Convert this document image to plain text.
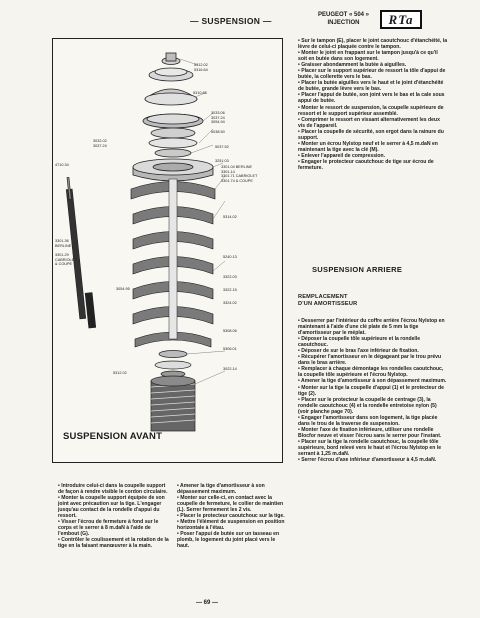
— SUSPENSION —
PEUGEOT « 504 »
INJECTION	RTa
5312.02
5316.64
5310.88
3033.06
3037.24
3054.94
5038.50
3032.02
3037.24	5037.52
3251.03
3301.04 BERLINE
3301.14
3301.71 CABRIOLET
3301.74 & COUPE
4710.34
3301.36
BERLINE
3301.29
CABRIOLET
& COUPE
3054.95
5314.02
5240.13
3322.03
3322.15
3324.02
5308.06
5306.01
5312.02
3022.14
SUSPENSION AVANT

• Sur le tampon (E), placer le joint caoutchouc d'étanchéité, la lèvre de celui-ci plaquée contre le tampon.

• Monter le joint en frappant sur le tampon jusqu'à ce qu'il soit en butée dans son logement.

• Graisser abondamment la butée à aiguilles.

• Placer sur le support supérieur de ressort la tôle d'appui de butée, la collerette vers le bas.

• Placer la butée aiguilles vers le haut et le joint d'étanchéité de butée, grande lèvre vers le bas.

• Placer l'appui de butée, son joint vers le bas et la cale sous appui de butée.

• Monter le ressort de suspension, la coupelle supérieure de ressort et le support supérieur assemblé.

• Comprimer le ressort en vissant alternativement les deux vis de l'appareil.

• Placer la coupelle de sécurité, son ergot dans la rainure du support.

• Monter un écrou Nylstop neuf et le serrer à 4,5 m.daN en maintenant la tige avec la clé (M).

• Enlever l'appareil de compression.

• Engager le protecteur caoutchouc de tige sur écrou de fermeture.

SUSPENSION ARRIERE
REMPLACEMENT
D'UN AMORTISSEUR

• Desserrer par l'intérieur du coffre arrière l'écrou Nylstop en maintenant à l'aide d'une clé plate de 5 mm la tige d'amortisseur par le méplat.

• Déposer la coupelle tôle supérieure et la rondelle caoutchouc.

• Déposer de sur le bras l'axe inférieur de fixation.

• Récupérer l'amortisseur en le dégageant par le trou prévu dans le bras arrière.

• Remplacer à chaque démontage les rondelles caoutchouc, la coupelle tôle supérieure et l'écrou Nylstop.

• Amener la tige d'amortisseur à son dépassement maximum.

• Monter sur la tige la coupelle d'appui (1) et le protecteur de tige (2).

• Placer sur le protecteur la coupelle de centrage (3), la rondelle caoutchouc (4) et la rondelle entretoise nylon (5) (voir planche page 70).

• Engager l'amortisseur dans son logement, la tige placée dans le trou de la traverse de suspension.

• Monter l'axe de fixation inférieure, utiliser une rondelle Blocfor neuve et visser l'écrou sans le serrer pour l'instant.

• Placer sur la tige la rondelle caoutchouc, la coupelle tôle supérieure, bord relevé vers le haut et l'écrou Nylstop en le serrant à 1,25 m.daN.

• Serrer l'écrou d'axe inférieur d'amortisseur à 4,5 m.daN.

• Introduire celui-ci dans la coupelle support de façon à rendre visible le cordon circulaire.

• Monter la coupelle support équipée de son joint avec précaution sur la tige. L'engager jusqu'au contact de la rondelle d'appui du ressort.

• Visser l'écrou de fermeture à fond sur le corps et le serrer à 8 m.daN à l'aide de l'embout (G).

• Contrôler le coulissement et la rotation de la tige en la faisant manœuvrer à la main.

• Amener la tige d'amortisseur à son dépassement maximum.

• Monter sur celle-ci, en contact avec la coupelle de fermeture, le collier de maintien (L). Serrer fermement les 2 vis.

• Placer le protecteur caoutchouc sur la tige.

• Mettre l'élément de suspension en position horizontale à l'étau.

• Poser l'appui de butée sur un tasseau en plomb, le logement du joint placé vers le haut.

— 69 —
